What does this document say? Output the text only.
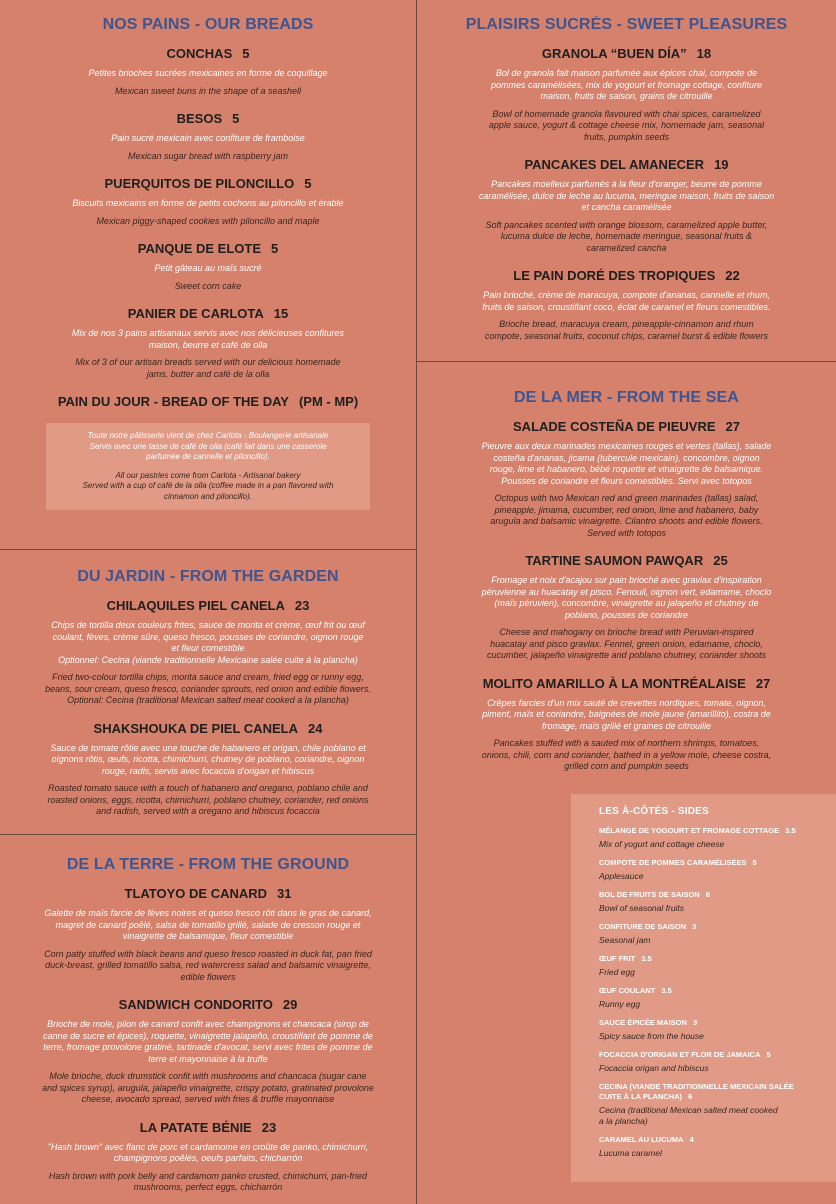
NOS PAINS - OUR BREADS
CONCHAS 5

Petites brioches sucrées mexicaines en forme de coquillage

Mexican sweet buns in the shape of a seashell

BESOS 5

Pain sucré mexicain avec confiture de framboise

Mexican sugar bread with raspberry jam

PUERQUITOS DE PILONCILLO 5

Biscuits mexicains en forme de petits cochons au piloncillo et érable

Mexican piggy-shaped cookies with piloncillo and maple

PANQUE DE ELOTE 5

Petit gâteau au maïs sucré

Sweet corn cake

PANIER DE CARLOTA 15

Mix de nos 3 pains artisanaux servis avec nos délicieuses confitures
maison, beurre et café de olla

Mix of 3 of our artisan breads served with our delicious homemade
jams, butter and café de la olla

PAIN DU JOUR - BREAD OF THE DAY (PM - MP)

Toute notre pâtisserie vient de chez Carlota - Boulangerie artisanale
Servis avec une tasse de café de olla (café fait dans une casserole
parfumée de cannelle et piloncillo).

All our pastries come from Carlota - Artisanal bakery
Served with a cup of café de la olla (coffee made in a pan flavored with
cinnamon and piloncillo).

DU JARDIN - FROM THE GARDEN
CHILAQUILES PIEL CANELA 23

Chips de tortilla deux couleurs frites, sauce de morita et crème, œuf frit ou œuf
coulant, fèves, crème sûre, queso fresco, pousses de coriandre, oignon rouge
et fleur comestible
Optionnel: Cecina (viande traditionnelle Mexicaine salée cuite à la plancha)

Fried two-colour tortilla chips, morita sauce and cream, fried egg or runny egg,
beans, sour cream, queso fresco, coriander sprouts, red onion and edible flowers.
Optional: Cecina (traditional Mexican salted meat cooked a la plancha)

SHAKSHOUKA DE PIEL CANELA 24

Sauce de tomate rôtie avec une touche de habanero et origan, chile poblano et
oignons rôtis, œufs, ricotta, chimichurri, chutney de poblano, coriandre, oignon
rouge, radis, servis avec focaccia d'origan et hibiscus

Roasted tomato sauce with a touch of habanero and oregano, poblano chile and
roasted onions, eggs, ricotta, chimichurri, poblano chutney, coriander, red onions
and radish, served with a oregano and hibiscus focaccia

DE LA TERRE - FROM THE GROUND
TLATOYO DE CANARD 31

Galette de maïs farcie de fèves noires et queso fresco rôti dans le gras de canard,
magret de canard poêlé, salsa de tomatillo grillé, salade de cresson rouge et
vinaigrette de balsamique, fleur comestible

Corn patty stuffed with black beans and queso fresco roasted in duck fat, pan fried
duck-breast, grilled tomatillo salsa, red watercress salad and balsamic vinaigrette,
edible flowers

SANDWICH CONDORITO 29

Brioche de mole, pilon de canard confit avec champignons et chancaca (sirop de
canne de sucre et épices), roquette, vinaigrette jalapeño, croustillant de pomme de
terre, fromage provolone gratiné, tartinade d'avocat, servi avec frites de pomme de
terre et mayonnaise à la truffe

Mole brioche, duck drumstick confit with mushrooms and chancaca (sugar cane
and spices syrup), arugula, jalapeño vinaigrette, crispy potato, gratinated provolone
cheese, avocado spread, served with fries & truffle mayonnaise

LA PATATE BÉNIE 23

"Hash brown" avec flanc de porc et cardamome en croûte de panko, chimichurri,
champignons poêlés, oeufs parfaits, chicharrón

Hash brown with pork belly and cardamom panko crusted, chimichurri, pan-fried
mushrooms, perfect eggs, chicharrón

PLAISIRS SUCRÉS - SWEET PLEASURES
GRANOLA “BUEN DÍA” 18

Bol de granola fait maison parfumée aux épices chai, compote de
pommes caramélisées, mix de yogourt et fromage cottage, confiture
maison, fruits de saison, grains de citrouille

Bowl of homemade granola flavoured with chai spices, caramelized
apple sauce, yogurt & cottage cheese mix, homemade jam, seasonal
fruits, pumpkin seeds

PANCAKES DEL AMANECER 19

Pancakes moelleux parfumés à la fleur d'oranger, beurre de pomme
caramélisée, dulce de leche au lucuma, meringue maison, fruits de saison
et cancha caramélisée

Soft pancakes scented with orange blossom, caramelized apple butter,
lucuma dulce de leche, homemade meringue, seasonal fruits &
caramelized cancha

LE PAIN DORÉ DES TROPIQUES 22

Pain brioché, crème de maracuya, compote d'ananas, cannelle et rhum,
fruits de saison, croustillant coco, éclat de caramel et fleurs comestibles.

Brioche bread, maracuya cream, pineapple-cinnamon and rhum
compote, seasonal fruits, coconut chips, caramel burst & edible flowers

DE LA MER - FROM THE SEA
SALADE COSTEÑA DE PIEUVRE 27

Pieuvre aux deux marinades mexicaines rouges et vertes (tallas), salade
costeña d'ananas, jicama (tubercule mexicain), concombre, oignon
rouge, lime et habanero, bébé roquette et vinaigrette de balsamique.
Pousses de coriandre et fleurs comestibles. Servi avec totopos

Octopus with two Mexican red and green marinades (tallas) salad,
pineapple, jimama, cucumber, red onion, lime and habanero, baby
arugula and balsamic vinaigrette. Cilantro shoots and edible flowers.
Served with totopos

TARTINE SAUMON PAWQAR 25

Fromage et noix d'acajou sur pain brioché avec gravlax d'inspiration
péruvienne au huacatay et pisco. Fenouil, oignon vert, edamame, choclo
(maïs péruvien), concombre, vinaigrette au jalapeño et chutney de
poblano, pousses de coriandre

Cheese and mahogany on brioche bread with Peruvian-inspired
huacatay and pisco gravlax. Fennel, green onion, edamame, choclo,
cucumber, jalapeño vinaigrette and poblano chutney, coriander shoots

MOLITO AMARILLO À LA MONTRÉALAISE 27

Crêpes farcies d'un mix sauté de crevettes nordiques, tomate, oignon,
piment, maïs et coriandre, baignées de mole jaune (amarillito), costra de
fromage, maïs grillé et graines de citrouille

Pancakes stuffed with a sauted mix of northern shrimps, tomatoes,
onions, chili, corn and coriander, bathed in a yellow mole, cheese costra,
grilled corn and pumpkin seeds

LES À-CÔTÉS - SIDES
MÉLANGE DE YOGOURT ET FROMAGE COTTAGE 3.5
Mix of yogurt and cottage cheese
COMPOTE DE POMMES CARAMÉLISÉES 5
Applesauce
BOL DE FRUITS DE SAISON 6
Bowl of seasonal fruits
CONFITURE DE SAISON 3
Seasonal jam
ŒUF FRIT 3.5
Fried egg
ŒUF COULANT 3.5
Runny egg
SAUCE ÉPICÉE MAISON 3
Spicy sauce from the house
FOCACCIA D'ORIGAN ET FLOR DE JAMAICA 5
Focaccia origan and hibiscus
CECINA (VIANDE TRADITIONNELLE MEXICAIN SALÉE
CUITE À LA PLANCHA) 6
Cecina (traditional Mexican salted meat cooked
a la plancha)
CARAMEL AU LUCUMA 4
Lucuma caramel
